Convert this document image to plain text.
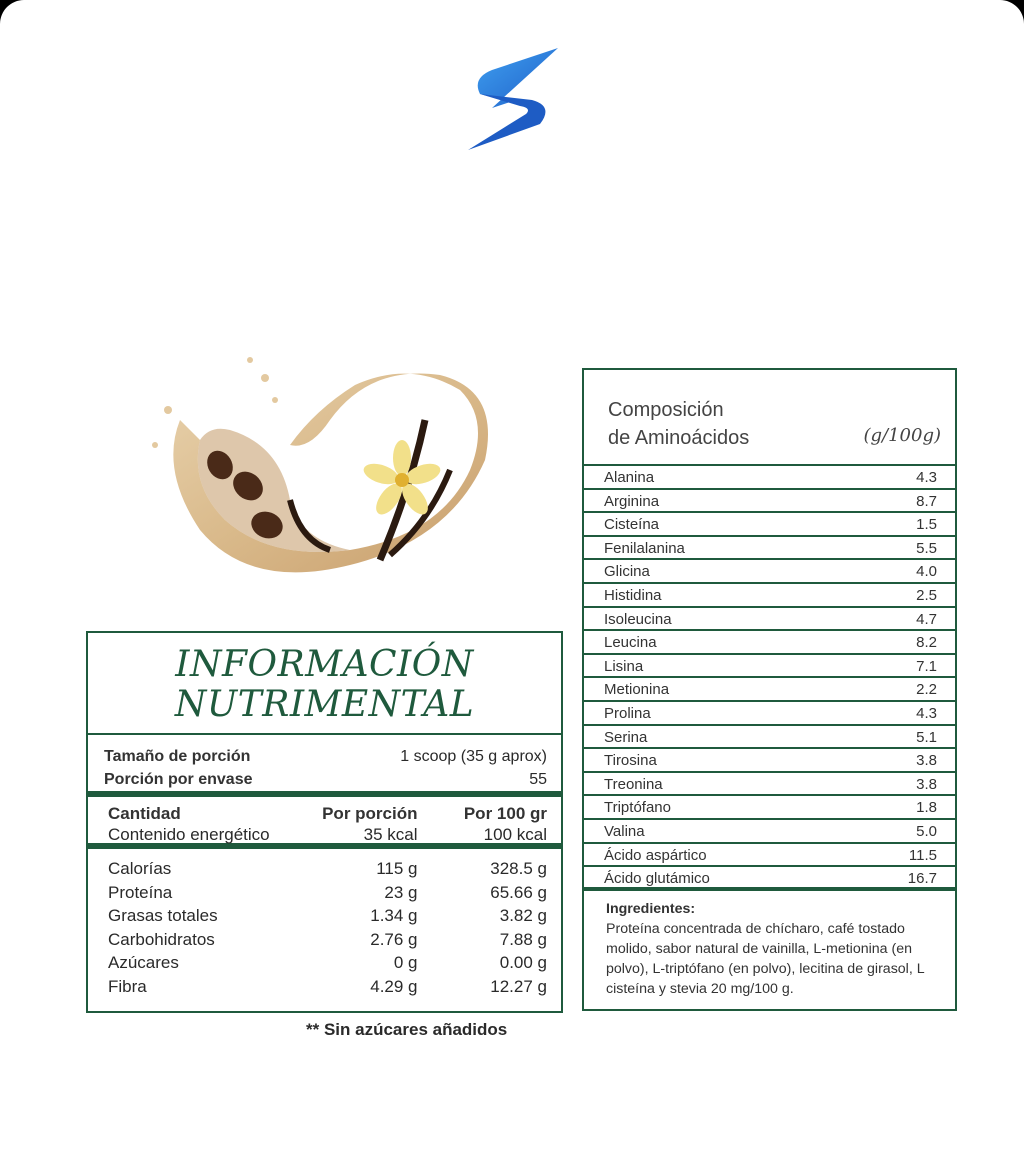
INFORMACIÓN
NUTRIMENTAL
Tamaño de porción	1 scoop (35 g aprox)
Porción por envase	55
Cantidad	Por porción	Por 100 gr
Contenido energético	35 kcal	100 kcal
Calorías	115 g	328.5 g
Proteína	23 g	65.66 g
Grasas totales	1.34 g	3.82 g
Carbohidratos	2.76 g	7.88 g
Azúcares	0 g	0.00 g
Fibra	4.29 g	12.27 g
** Sin azúcares añadidos
Composición
de Aminoácidos	(g/100g)
Alanina	4.3
Arginina	8.7
Cisteína	1.5
Fenilalanina	5.5
Glicina	4.0
Histidina	2.5
Isoleucina	4.7
Leucina	8.2
Lisina	7.1
Metionina	2.2
Prolina	4.3
Serina	5.1
Tirosina	3.8
Treonina	3.8
Triptófano	1.8
Valina	5.0
Ácido aspártico	11.5
Ácido glutámico	16.7
Ingredientes:
Proteína concentrada de chícharo, café tostado molido, sabor natural de vainilla, L-metionina (en polvo), L-triptófano (en polvo), lecitina de girasol, L cisteína y stevia 20 mg/100 g.
